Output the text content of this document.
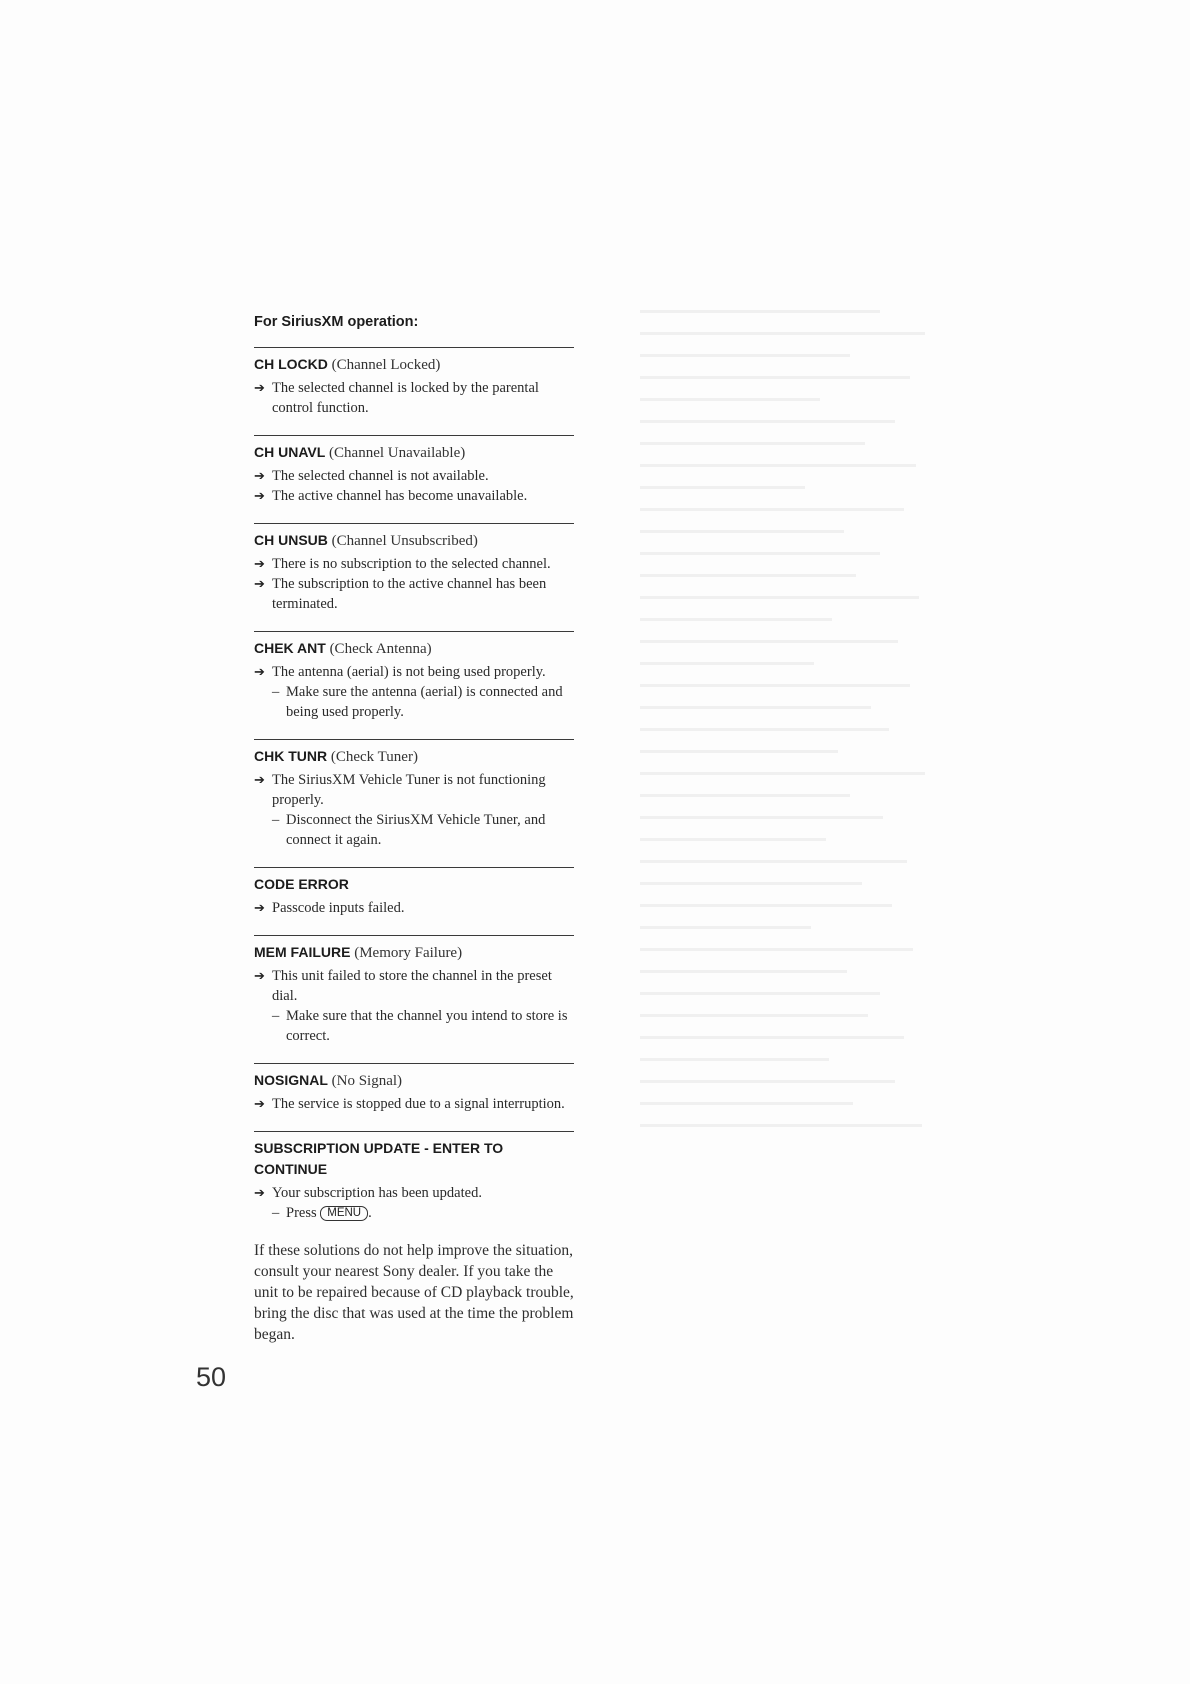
For SiriusXM operation:
CH LOCKD (Channel Locked)
➔ The selected channel is locked by the parental control function.
CH UNAVL (Channel Unavailable)
➔ The selected channel is not available.
➔ The active channel has become unavailable.
CH UNSUB (Channel Unsubscribed)
➔ There is no subscription to the selected channel.
➔ The subscription to the active channel has been terminated.
CHEK ANT (Check Antenna)
➔ The antenna (aerial) is not being used properly.
– Make sure the antenna (aerial) is connected and being used properly.
CHK TUNR (Check Tuner)
➔ The SiriusXM Vehicle Tuner is not functioning properly.
– Disconnect the SiriusXM Vehicle Tuner, and connect it again.
CODE ERROR
➔ Passcode inputs failed.
MEM FAILURE (Memory Failure)
➔ This unit failed to store the channel in the preset dial.
– Make sure that the channel you intend to store is correct.
NOSIGNAL (No Signal)
➔ The service is stopped due to a signal interruption.
SUBSCRIPTION UPDATE - ENTER TO CONTINUE
➔ Your subscription has been updated.
– Press MENU .
If these solutions do not help improve the situation, consult your nearest Sony dealer. If you take the unit to be repaired because of CD playback trouble, bring the disc that was used at the time the problem began.
50
